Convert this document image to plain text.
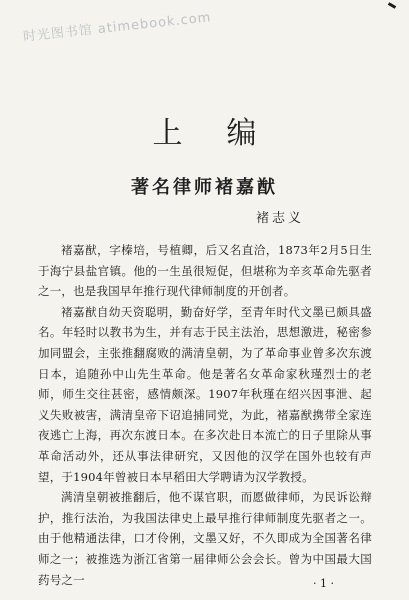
时光图书馆 atimebook.com
上编
著名律师褚嘉猷
褚志义

褚嘉猷，字榛培，号植卿，后又名直洽，1873年2月5日生于海宁县盐官镇。他的一生虽很短促，但堪称为辛亥革命先驱者之一，也是我国早年推行现代律师制度的开创者。

褚嘉猷自幼天资聪明，勤奋好学，至青年时代文墨已颇具盛名。年轻时以教书为生，并有志于民主法治，思想激进，秘密参加同盟会，主张推翻腐败的满清皇朝，为了革命事业曾多次东渡日本，追随孙中山先生革命。他是著名女革命家秋瑾烈士的老师，师生交往甚密，感情颇深。1907年秋瑾在绍兴因事泄、起义失败被害，满清皇帝下诏追捕同党，为此，褚嘉猷携带全家连夜逃亡上海，再次东渡日本。在多次赴日本流亡的日子里除从事革命活动外，还从事法律研究，又因他的汉学在国外也较有声望，于1904年曾被日本早稻田大学聘请为汉学教授。

满清皇朝被推翻后，他不谋官职，而愿做律师，为民诉讼辩护，推行法治，为我国法律史上最早推行律师制度先驱者之一。由于他精通法律，口才伶俐，文墨又好，不久即成为全国著名律师之一；被推选为浙江省第一届律师公会会长。曾为中国最大国药号之一	· 1 ·
